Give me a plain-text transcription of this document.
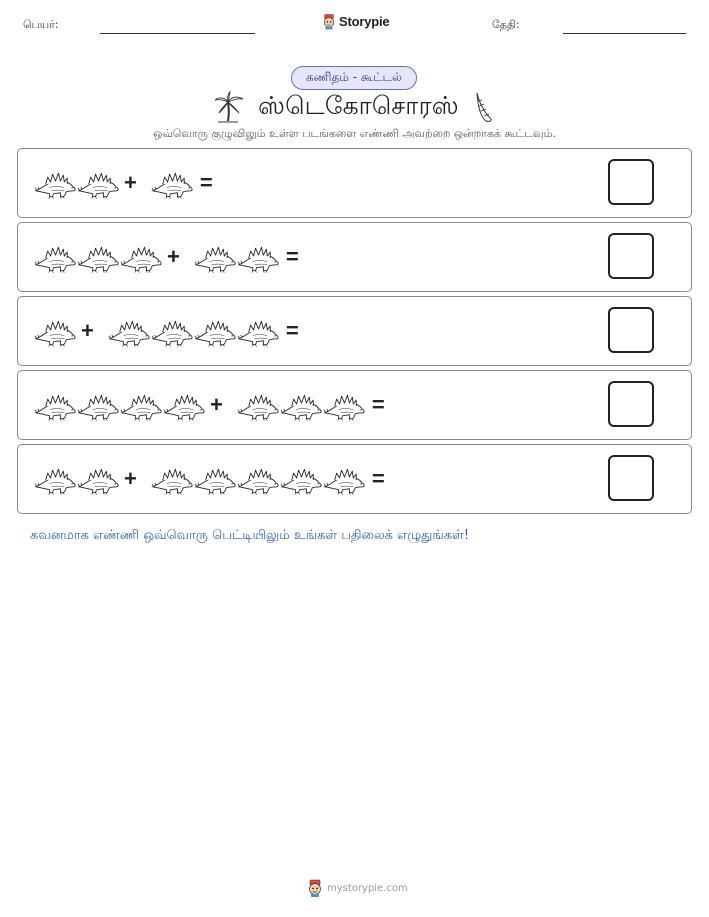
பெயர்:	Storypie	தேதி:
கணிதம் - கூட்டல்
ஸ்டெகோசொரஸ்
ஒவ்வொரு குழுவிலும் உள்ள படங்களை எண்ணி அவற்றை ஒன்றாகக் கூட்டவும்.
+	=
+	=
+	=
+	=
+	=
கவனமாக எண்ணி ஒவ்வொரு பெட்டியிலும் உங்கள் பதிலைக் எழுதுங்கள்!
mystorypie.com
